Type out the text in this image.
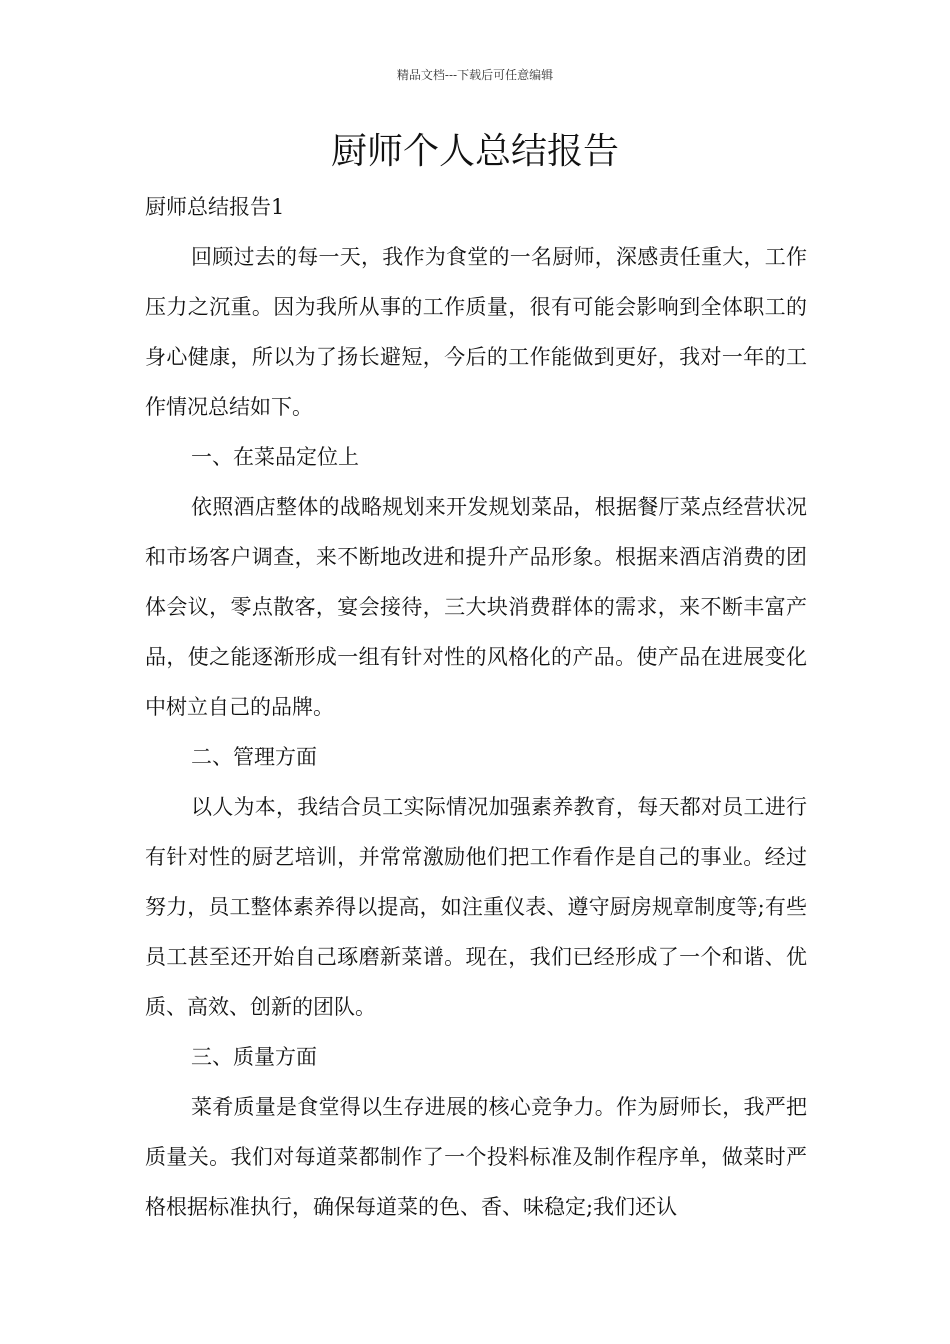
精品文档---下载后可任意编辑
厨师个人总结报告

厨师总结报告1

回顾过去的每一天，我作为食堂的一名厨师，深感责任重大，工作压力之沉重。因为我所从事的工作质量，很有可能会影响到全体职工的身心健康，所以为了扬长避短，今后的工作能做到更好，我对一年的工作情况总结如下。

一、在菜品定位上

依照酒店整体的战略规划来开发规划菜品，根据餐厅菜点经营状况和市场客户调查，来不断地改进和提升产品形象。根据来酒店消费的团体会议，零点散客，宴会接待，三大块消费群体的需求，来不断丰富产品，使之能逐渐形成一组有针对性的风格化的产品。使产品在进展变化中树立自己的品牌。

二、管理方面

以人为本，我结合员工实际情况加强素养教育，每天都对员工进行有针对性的厨艺培训，并常常激励他们把工作看作是自己的事业。经过努力，员工整体素养得以提高，如注重仪表、遵守厨房规章制度等;有些员工甚至还开始自己琢磨新菜谱。现在，我们已经形成了一个和谐、优质、高效、创新的团队。

三、质量方面

菜肴质量是食堂得以生存进展的核心竞争力。作为厨师长，我严把质量关。我们对每道菜都制作了一个投料标准及制作程序单，做菜时严格根据标准执行，确保每道菜的色、香、味稳定;我们还认
